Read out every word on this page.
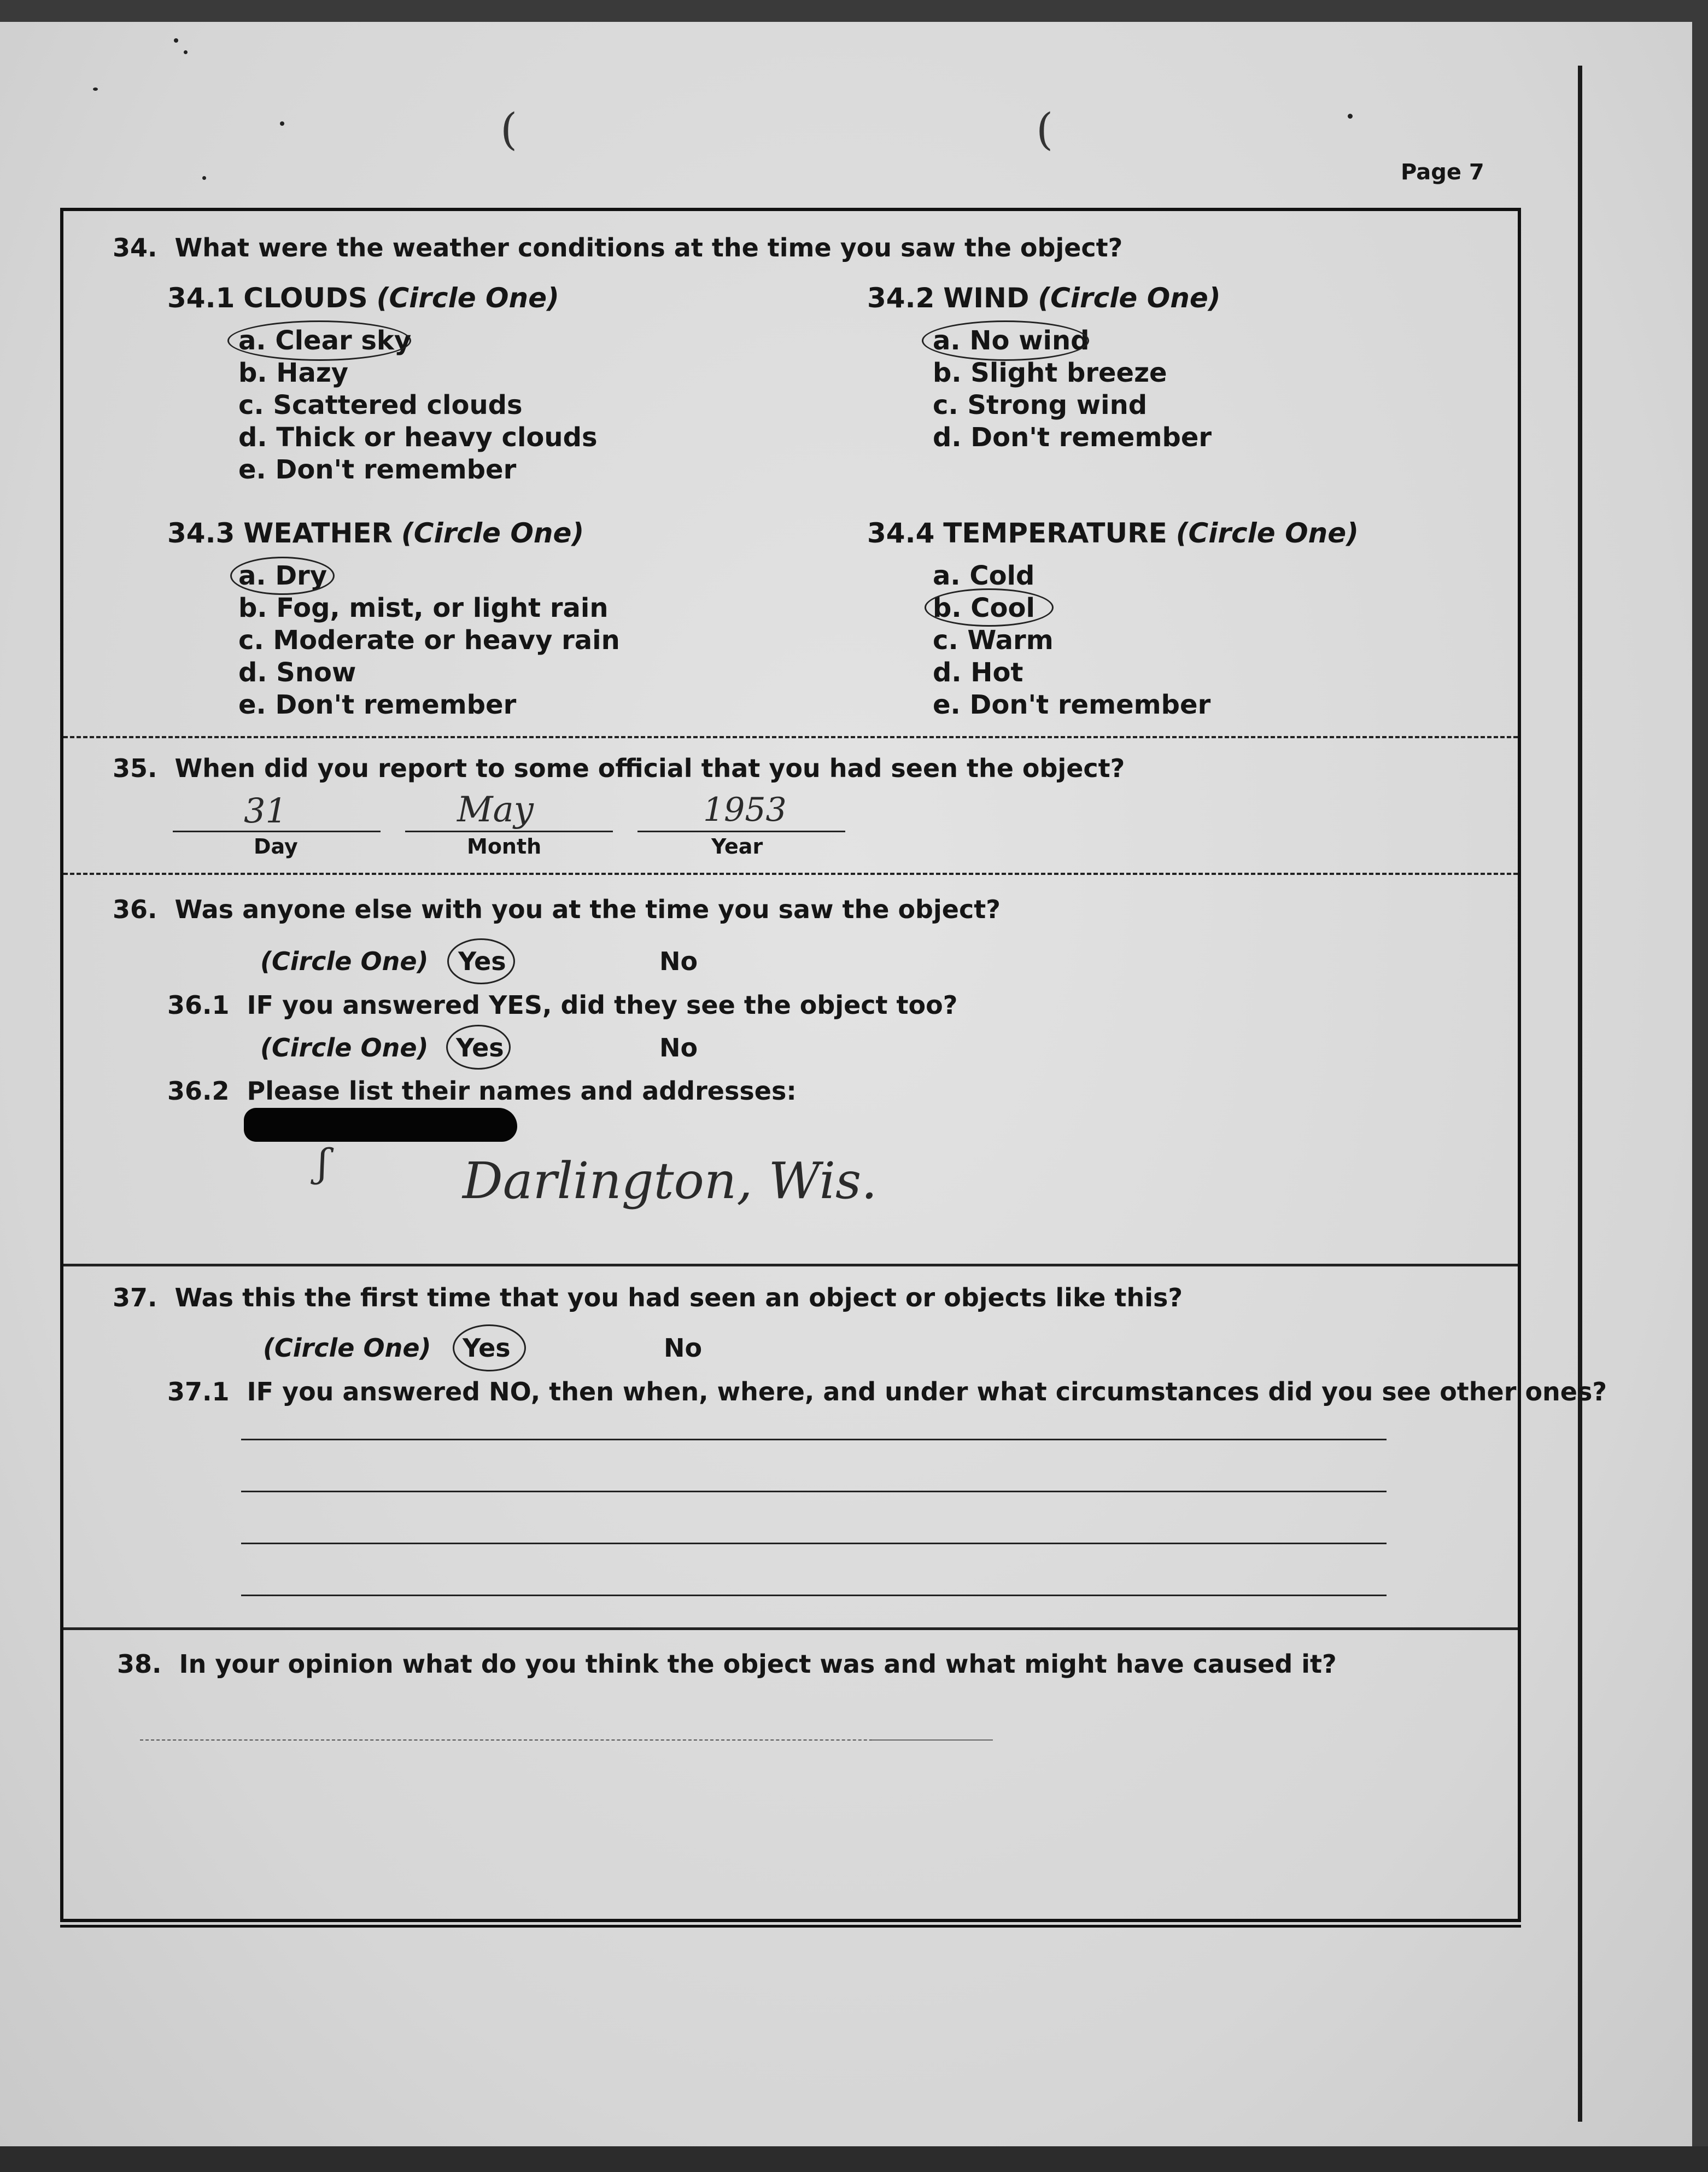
(	(
Page 7
34. What were the weather conditions at the time you saw the object?
34.1 CLOUDS (Circle One)
a. Clear sky
b. Hazy
c. Scattered clouds
d. Thick or heavy clouds
e. Don't remember
34.2 WIND (Circle One)
a. No wind
b. Slight breeze
c. Strong wind
d. Don't remember
34.3 WEATHER (Circle One)
a. Dry
b. Fog, mist, or light rain
c. Moderate or heavy rain
d. Snow
e. Don't remember
34.4 TEMPERATURE (Circle One)
a. Cold
b. Cool
c. Warm
d. Hot
e. Don't remember
35. When did you report to some official that you had seen the object?
31
Day
May
Month
1953
Year
36. Was anyone else with you at the time you saw the object?
(Circle One) Yes	No
36.1 IF you answered YES, did they see the object too?
(Circle One) Yes	No
36.2 Please list their names and addresses:
ʃ	Darlington, Wis.
37. Was this the first time that you had seen an object or objects like this?
(Circle One) Yes	No
37.1 IF you answered NO, then when, where, and under what circumstances did you see other ones?
38. In your opinion what do you think the object was and what might have caused it?
